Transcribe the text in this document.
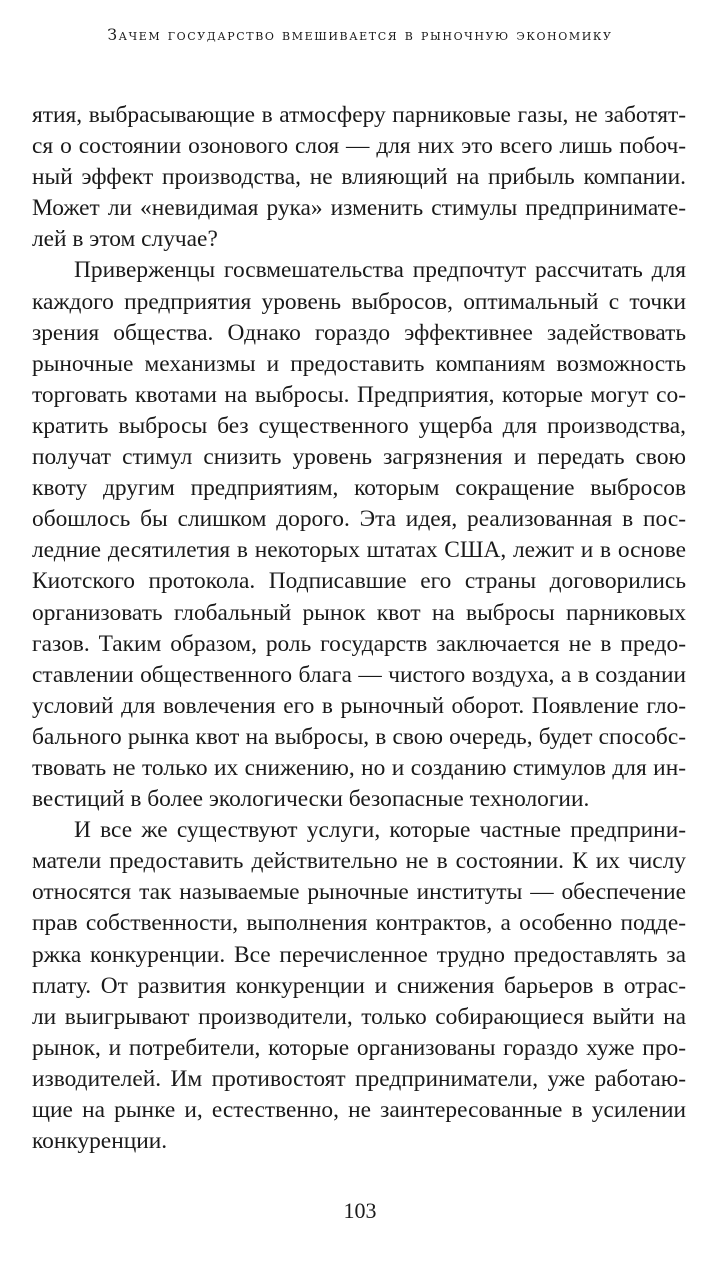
Зачем государство вмешивается в рыночную экономику
ятия, выбрасывающие в атмосферу парниковые газы, не заботят-
ся о состоянии озонового слоя — для них это всего лишь побоч-
ный эффект производства, не влияющий на прибыль компании.
Может ли «невидимая рука» изменить стимулы предпринимате-
лей в этом случае?
Приверженцы госвмешательства предпочтут рассчитать для
каждого предприятия уровень выбросов, оптимальный с точки
зрения общества. Однако гораздо эффективнее задействовать
рыночные механизмы и предоставить компаниям возможность
торговать квотами на выбросы. Предприятия, которые могут со-
кратить выбросы без существенного ущерба для производства,
получат стимул снизить уровень загрязнения и передать свою
квоту другим предприятиям, которым сокращение выбросов
обошлось бы слишком дорого. Эта идея, реализованная в пос-
ледние десятилетия в некоторых штатах США, лежит и в основе
Киотского протокола. Подписавшие его страны договорились
организовать глобальный рынок квот на выбросы парниковых
газов. Таким образом, роль государств заключается не в предо-
ставлении общественного блага — чистого воздуха, а в создании
условий для вовлечения его в рыночный оборот. Появление гло-
бального рынка квот на выбросы, в свою очередь, будет способс-
твовать не только их снижению, но и созданию стимулов для ин-
вестиций в более экологически безопасные технологии.
И все же существуют услуги, которые частные предприни-
матели предоставить действительно не в состоянии. К их числу
относятся так называемые рыночные институты — обеспечение
прав собственности, выполнения контрактов, а особенно подде-
ржка конкуренции. Все перечисленное трудно предоставлять за
плату. От развития конкуренции и снижения барьеров в отрас-
ли выигрывают производители, только собирающиеся выйти на
рынок, и потребители, которые организованы гораздо хуже про-
изводителей. Им противостоят предприниматели, уже работаю-
щие на рынке и, естественно, не заинтересованные в усилении
конкуренции.
103
